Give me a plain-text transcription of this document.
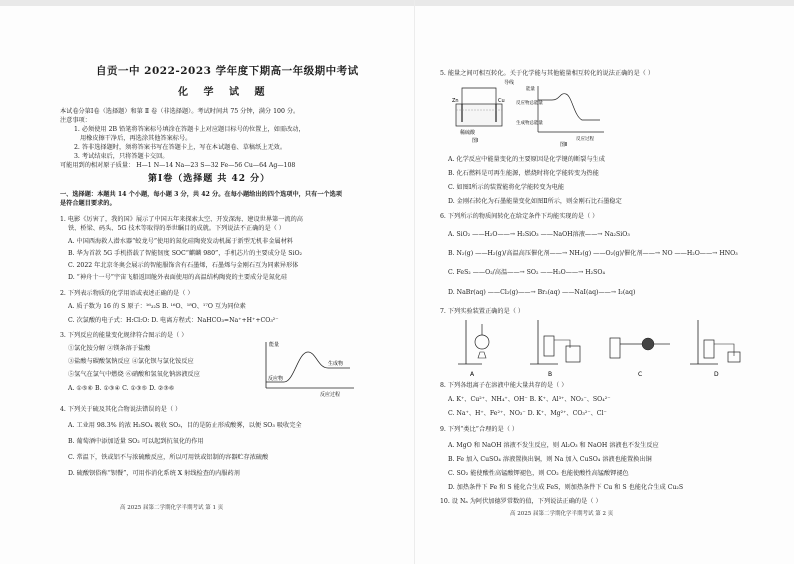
自贡一中 2022-2023 学年度下期高一年级期中考试
化 学 试 题
本试卷分第Ⅰ卷（选择题）和第 Ⅱ 卷（非选择题）。考试时间共 75 分钟，满分 100 分。
注意事项：
1. 必须使用 2B 铅笔将答案标号填涂在答题卡上对应题目标号的位置上，如需改动，
用橡皮擦干净后，再选涂其他答案标号。
2. 答非选择题时，须将答案书写在答题卡上，写在本试题卷、草稿纸上无效。
3. 考试结束后，只将答题卡交回。
可能用到的相对原子质量： H—1 N—14 Na—23 S—32 Fe—56 Cu—64 Ag—108
第Ⅰ卷（选择题 共 42 分）
一、选择题：本题共 14 个小题，每小题 3 分，共 42 分。在每小题给出的四个选项中，只有一个选项
是符合题目要求的。
1. 电影《厉害了，我的国》展示了中国五年来探索太空、开发深海、建设世界第一流的高
铁、桥梁、码头、5G 技术等取得的举世瞩目的成就。下列说法不正确的是（ ）
A. 中国西海救人潜水器“蛟龙号”使用的氮化硅陶瓷发动机属于新型无机非金属材料
B. 华为首款 5G 手机搭载了智能韧度 SOC“麒麟 980”，手机芯片的主要成分是 SiO₂
C. 2022 年北京冬奥会展示的智能服饰含有石墨烯，石墨烯与金刚石互为同素异形体
D. “神舟十一号”宇宙飞船返回舱外表面使用的高温结构陶瓷的主要成分是氮化硅
2. 下列表示物质的化学用语或表述正确的是（ ）
A. 质子数为 16 的 S 原子：¹⁶₃₂S B. ¹⁶O、¹⁸O、¹⁷O 互为同位素
C. 次氯酸的电子式：H:Cl:O: D. 电离方程式：NaHCO₃=Na⁺+H⁺+CO₃²⁻
3. 下列反应的能量变化规律符合图示的是（ ）
①氯化铵分解 ②镁条溶于盐酸
③盐酸与碳酸氢钠反应 ④氯化钡与氯化铵反应
⑤氢气在氯气中燃烧 ⑥硝酸和氢氧化钠溶液反应
A. ①⑤⑥ B. ①③④ C. ①③⑤ D. ②③⑥
能量
生成物
反应物
反应过程
4. 下列关于硫及其化合物说法错误的是（ ）
A. 工业用 98.3% 的浓 H₂SO₄ 吸收 SO₃，目的是防止形成酸雾，以便 SO₃ 吸收完全
B. 葡萄酒中添加适量 SO₂ 可以起到抗氧化的作用
C. 常温下，铁或铝不与浓硫酸反应，所以可用铁或铝制的容器贮存浓硫酸
D. 硫酸钡俗称“钡餐”，可用作消化系统 X 射线检查的内服药剂
高 2025 届第二学期化学半期考试 第 1 页
5. 能量之间可相互转化。关于化学能与其他能量相互转化的说法正确的是（ ）
导线
Zn	Cu
稀硫酸
图Ⅰ
能量
反应物总能量
生成物总能量
反应过程
图Ⅱ
A. 化学反应中能量变化的主要原因是化学键的断裂与生成
B. 化石燃料是可再生能源，燃烧时将化学能转变为热能
C. 如图Ⅰ所示的装置能将化学能转变为电能
D. 金刚石转化为石墨能量变化如图Ⅱ所示，则金刚石比石墨稳定
6. 下列所示的物质间转化在给定条件下均能实现的是（ ）
A. SiO₂ ——H₂O——→ H₂SiO₃ ——NaOH溶液——→ Na₂SiO₃
B. N₂(g) ——H₂(g)/高温高压催化剂——→ NH₃(g) ——O₂(g)/催化剂——→ NO ——H₂O——→ HNO₃
C. FeS₂ ——O₂/高温——→ SO₂ ——H₂O——→ H₂SO₄
D. NaBr(aq) ——Cl₂(g)——→ Br₂(aq) ——NaI(aq)——→ I₂(aq)
7. 下列实验装置正确的是（ ）
A	B	C	D
8. 下列各组离子在溶液中能大量共存的是（ ）
A. K⁺、Cu²⁺、NH₄⁺、OH⁻ B. K⁺、Al³⁺、NO₃⁻、SO₄²⁻
C. Na⁺、H⁺、Fe²⁺、NO₃⁻ D. K⁺、Mg²⁺、CO₃²⁻、Cl⁻
9. 下列“类比”合理的是（ ）
A. MgO 和 NaOH 溶液不发生反应，则 Al₂O₃ 和 NaOH 溶液也不发生反应
B. Fe 加入 CuSO₄ 溶液置换出铜，则 Na 加入 CuSO₄ 溶液也能置换出铜
C. SO₂ 能使酸性高锰酸钾褪色，则 CO₂ 也能使酸性高锰酸钾褪色
D. 加热条件下 Fe 和 S 能化合生成 FeS，则加热条件下 Cu 和 S 也能化合生成 Cu₂S
10. 设 Nₐ 为阿伏加德罗常数的值，下列说法正确的是（ ）
高 2025 届第二学期化学半期考试 第 2 页
